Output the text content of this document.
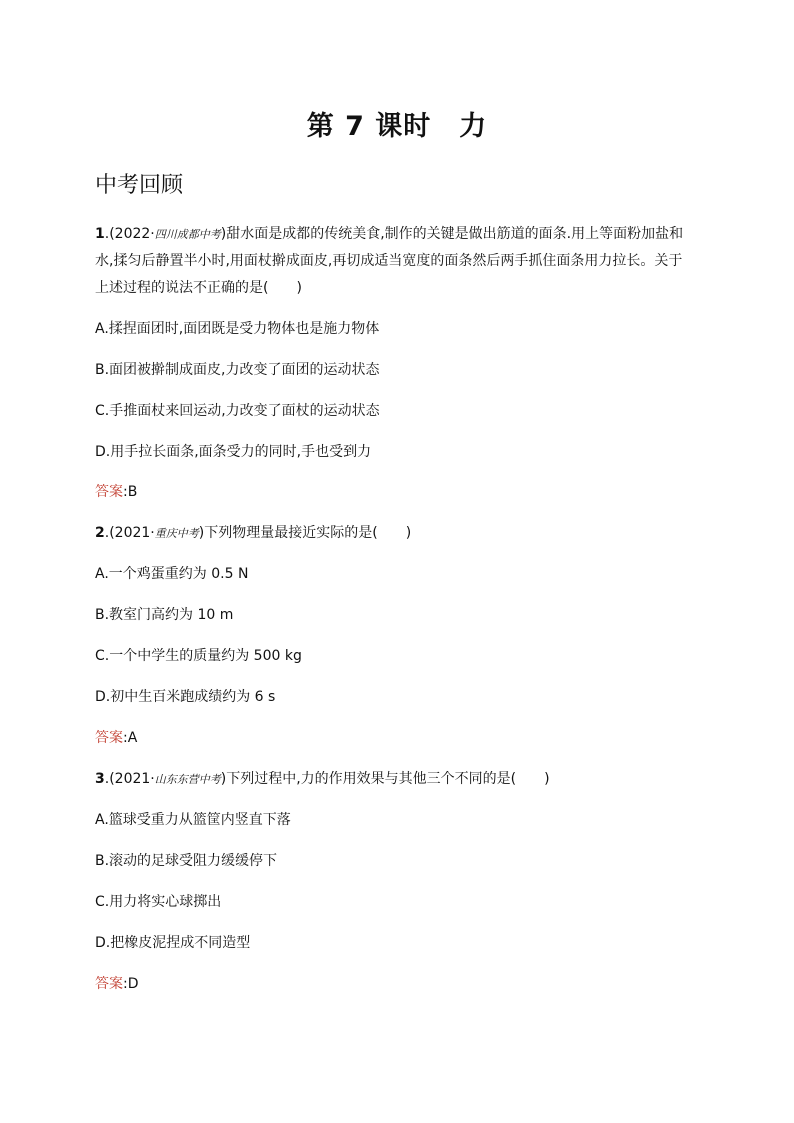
第 7 课时　力
中考回顾
1.(2022·四川成都中考)甜水面是成都的传统美食,制作的关键是做出筋道的面条.用上等面粉加盐和
水,揉匀后静置半小时,用面杖擀成面皮,再切成适当宽度的面条然后两手抓住面条用力拉长。关于
上述过程的说法不正确的是(　　)
A.揉捏面团时,面团既是受力物体也是施力物体
B.面团被擀制成面皮,力改变了面团的运动状态
C.手推面杖来回运动,力改变了面杖的运动状态
D.用手拉长面条,面条受力的同时,手也受到力
答案:B
2.(2021·重庆中考)下列物理量最接近实际的是(　　)
A.一个鸡蛋重约为 0.5 N
B.教室门高约为 10 m
C.一个中学生的质量约为 500 kg
D.初中生百米跑成绩约为 6 s
答案:A
3.(2021·山东东营中考)下列过程中,力的作用效果与其他三个不同的是(　　)
A.篮球受重力从篮筐内竖直下落
B.滚动的足球受阻力缓缓停下
C.用力将实心球掷出
D.把橡皮泥捏成不同造型
答案:D
